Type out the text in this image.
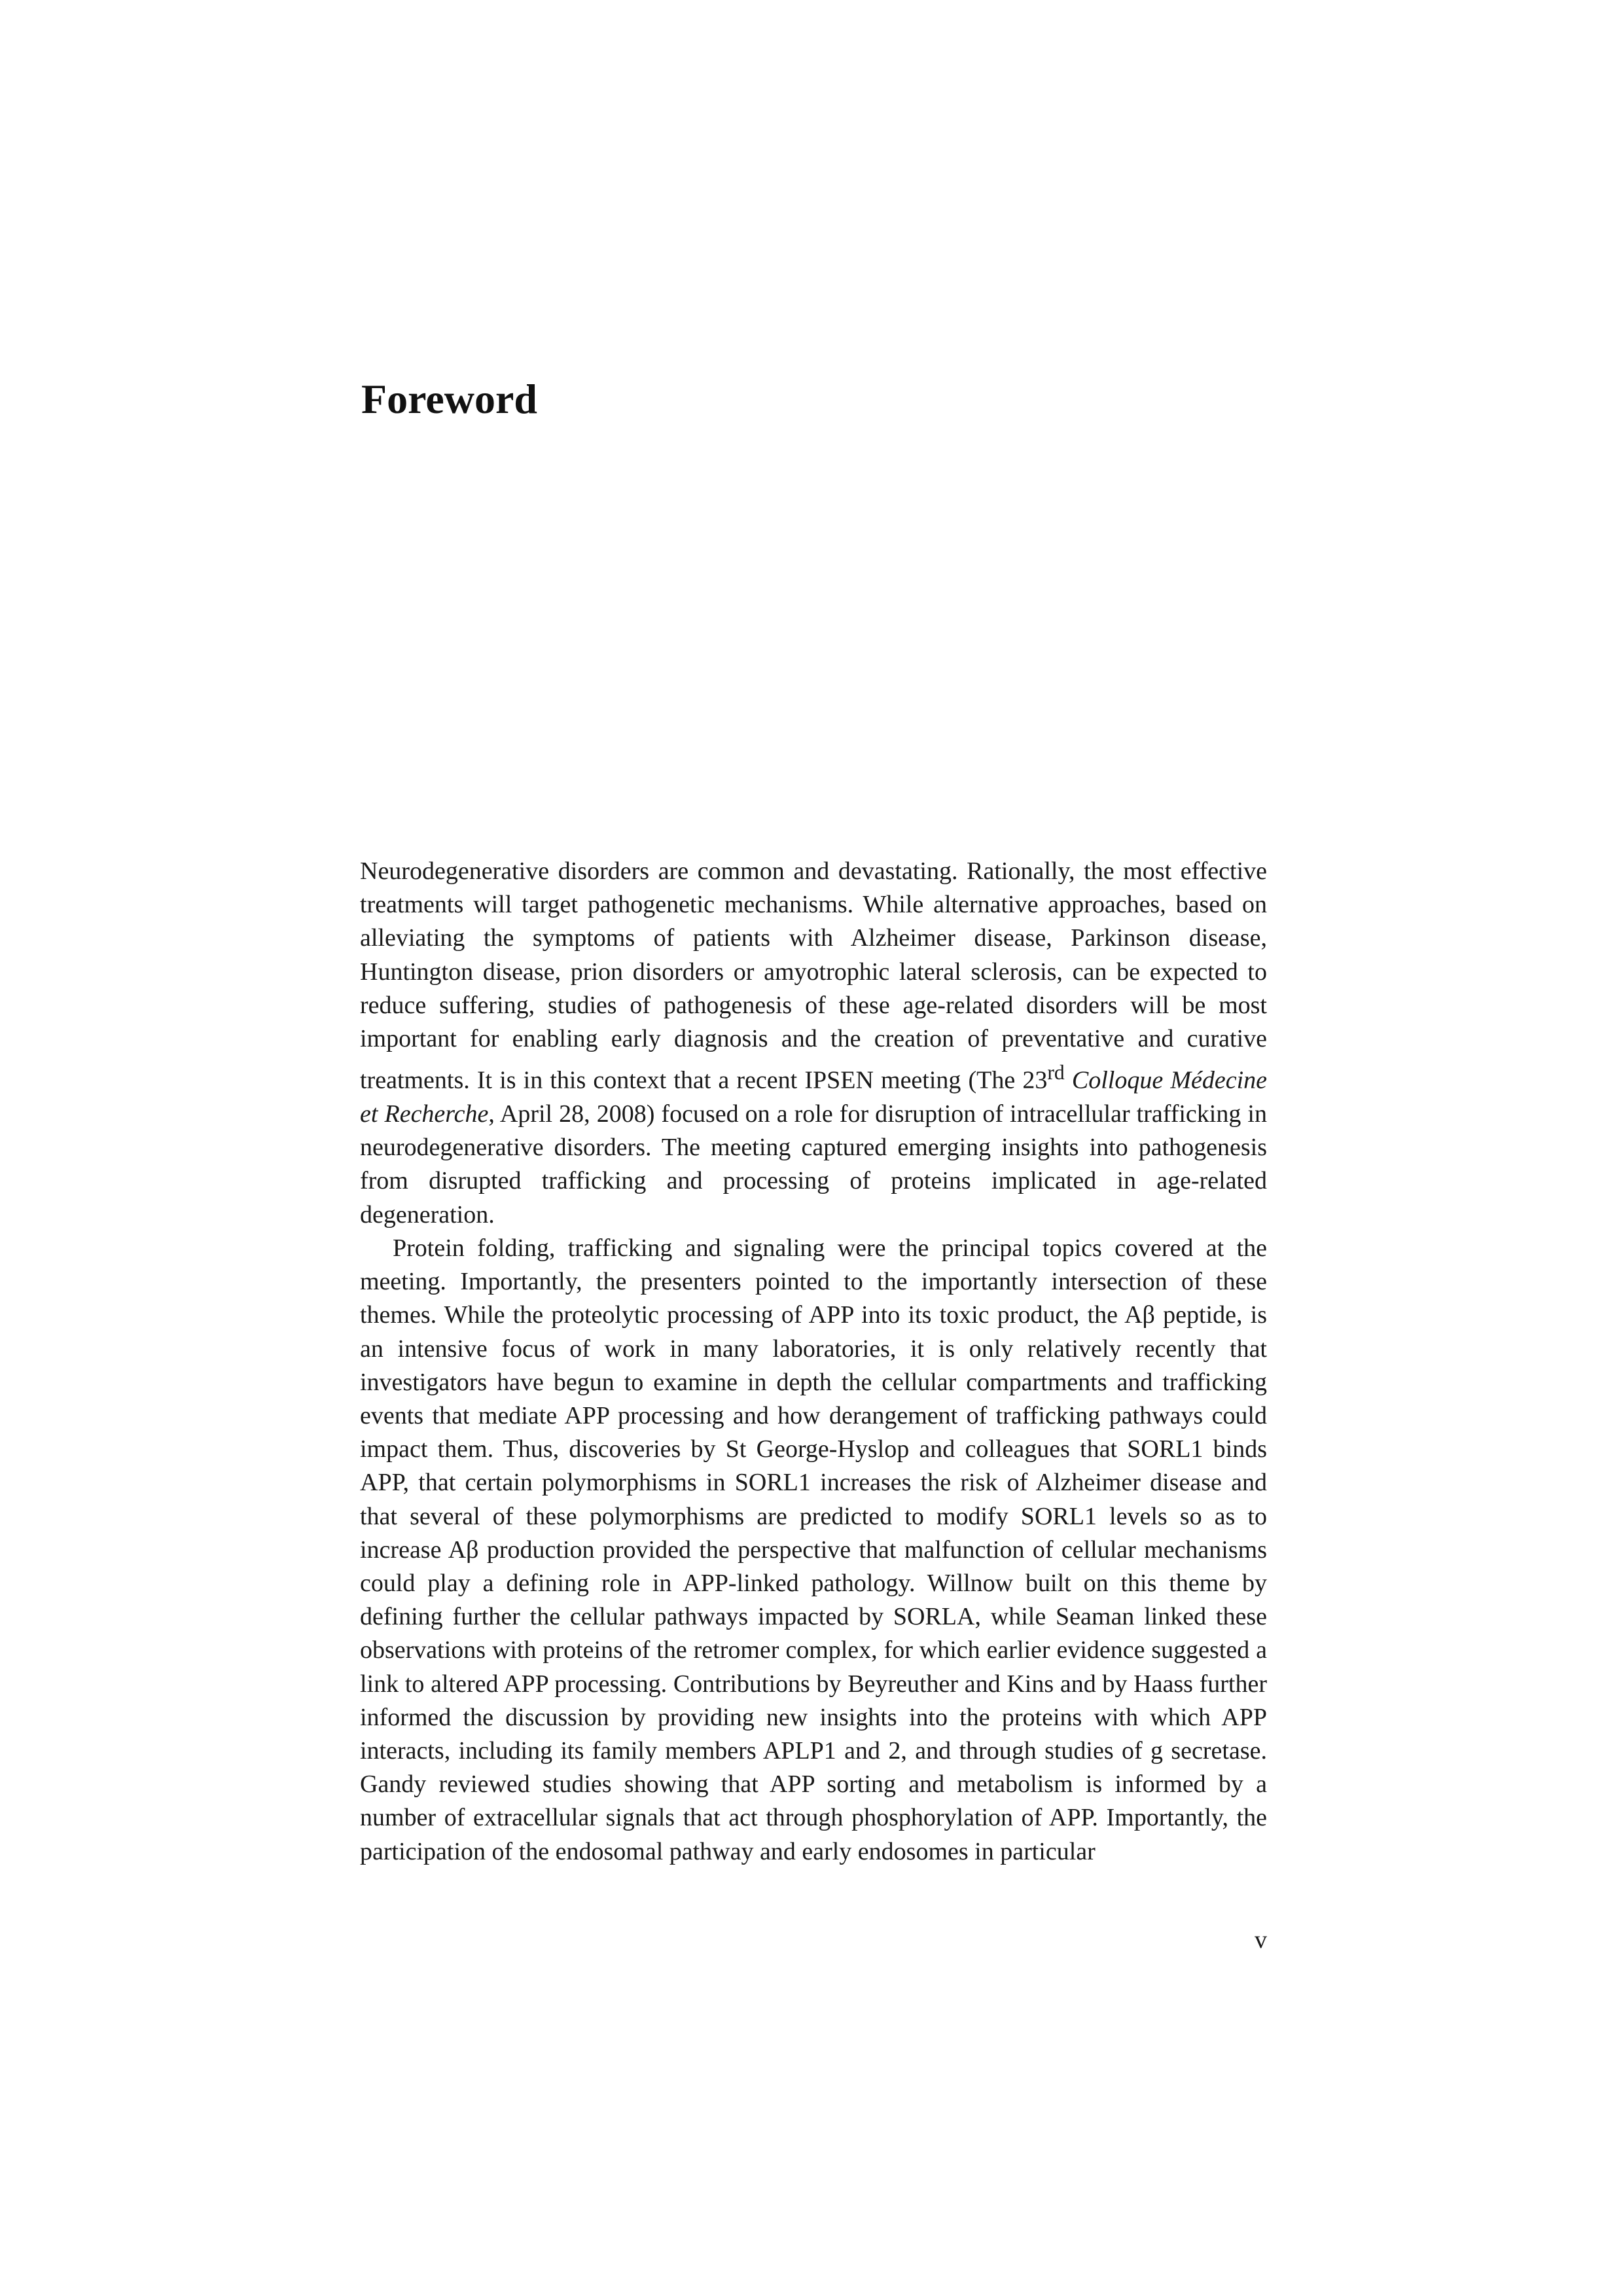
Foreword

Neurodegenerative disorders are common and devastating. Rationally, the most effective treatments will target pathogenetic mechanisms. While alternative approaches, based on alleviating the symptoms of patients with Alzheimer disease, Parkinson disease, Huntington disease, prion disorders or amyotrophic lateral sclerosis, can be expected to reduce suffering, studies of pathogenesis of these age-related disorders will be most important for enabling early diagnosis and the creation of preventative and curative treatments. It is in this context that a recent IPSEN meeting (The 23rd Colloque Médecine et Recherche, April 28, 2008) focused on a role for disruption of intracellular trafficking in neurodegenerative disorders. The meeting captured emerging insights into pathogenesis from disrupted trafficking and processing of proteins implicated in age-related degeneration.

Protein folding, trafficking and signaling were the principal topics covered at the meeting. Importantly, the presenters pointed to the importantly intersection of these themes. While the proteolytic processing of APP into its toxic product, the Aβ peptide, is an intensive focus of work in many laboratories, it is only relatively recently that investigators have begun to examine in depth the cellular compartments and trafficking events that mediate APP processing and how derangement of trafficking pathways could impact them. Thus, discoveries by St George-Hyslop and colleagues that SORL1 binds APP, that certain polymorphisms in SORL1 increases the risk of Alzheimer disease and that several of these polymorphisms are predicted to modify SORL1 levels so as to increase Aβ production provided the perspective that malfunction of cellular mechanisms could play a defining role in APP-linked pathology. Willnow built on this theme by defining further the cellular pathways impacted by SORLA, while Seaman linked these observations with proteins of the retromer complex, for which earlier evidence suggested a link to altered APP processing. Contributions by Beyreuther and Kins and by Haass further informed the discussion by providing new insights into the proteins with which APP interacts, including its family members APLP1 and 2, and through studies of g secretase. Gandy reviewed studies showing that APP sorting and metabolism is informed by a number of extracellular signals that act through phosphorylation of APP. Importantly, the participation of the endosomal pathway and early endosomes in particular

v
